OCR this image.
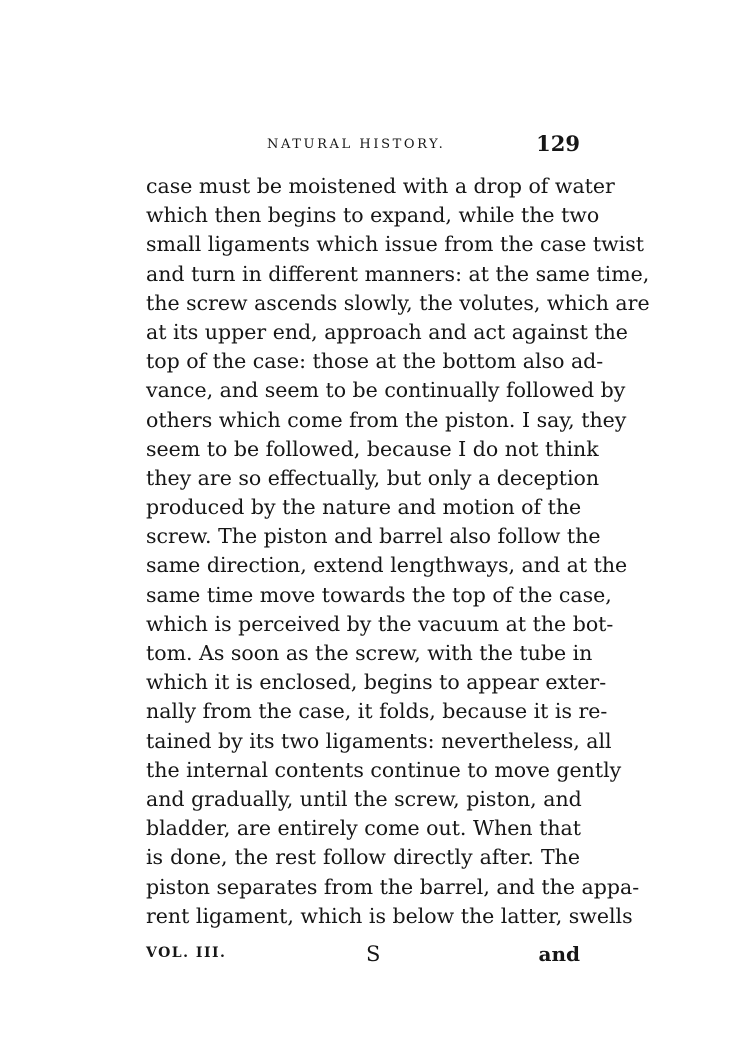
NATURAL HISTORY.	129
case must be moistened with a drop of water
which then begins to expand, while the two
small ligaments which issue from the case twist
and turn in different manners: at the same time,
the screw ascends slowly, the volutes, which are
at its upper end, approach and act against the
top of the case: those at the bottom also ad-
vance, and seem to be continually followed by
others which come from the piston. I say, they
seem to be followed, because I do not think
they are so effectually, but only a deception
produced by the nature and motion of the
screw. The piston and barrel also follow the
same direction, extend lengthways, and at the
same time move towards the top of the case,
which is perceived by the vacuum at the bot-
tom. As soon as the screw, with the tube in
which it is enclosed, begins to appear exter-
nally from the case, it folds, because it is re-
tained by its two ligaments: nevertheless, all
the internal contents continue to move gently
and gradually, until the screw, piston, and
bladder, are entirely come out. When that
is done, the rest follow directly after. The
piston separates from the barrel, and the appa-
rent ligament, which is below the latter, swells
VOL. III.	S	and
